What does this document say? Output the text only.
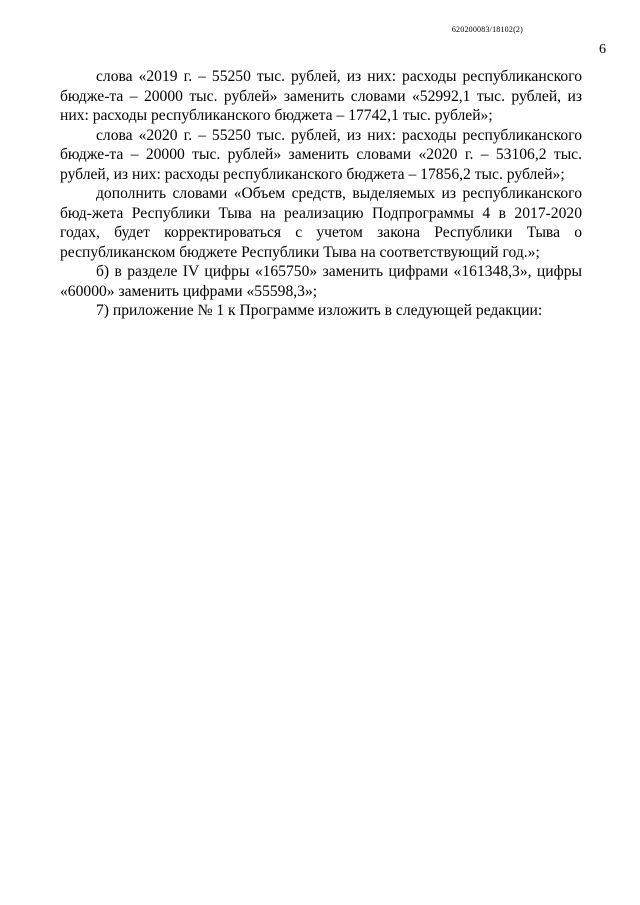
620200083/18102(2)
6

слова «2019 г. – 55250 тыс. рублей, из них: расходы республиканского бюдже-та – 20000 тыс. рублей» заменить словами «52992,1 тыс. рублей, из них: расходы республиканского бюджета – 17742,1 тыс. рублей»;

слова «2020 г. – 55250 тыс. рублей, из них: расходы республиканского бюдже-та – 20000 тыс. рублей» заменить словами «2020 г. – 53106,2 тыс. рублей, из них: расходы республиканского бюджета – 17856,2 тыс. рублей»;

дополнить словами «Объем средств, выделяемых из республиканского бюд-жета Республики Тыва на реализацию Подпрограммы 4 в 2017-2020 годах, будет корректироваться с учетом закона Республики Тыва о республиканском бюджете Республики Тыва на соответствующий год.»;

б) в разделе IV цифры «165750» заменить цифрами «161348,3», цифры «60000» заменить цифрами «55598,3»;

7) приложение № 1 к Программе изложить в следующей редакции:
